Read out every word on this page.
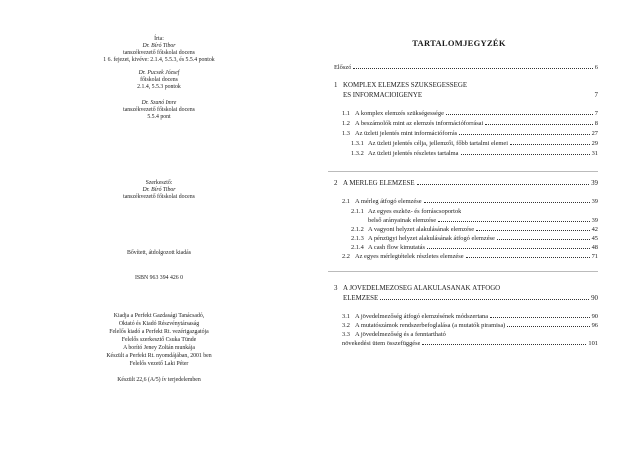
Írta:
Dr. Bíró Tibor
tanszékvezető főiskolai docens
1 6. fejezet, kivéve: 2.1.4, 5.5.3, és 5.5.4 pontok
Dr. Pucsek József
főiskolai docens
2.1.4, 5.5.3 pontok
Dr. Szanó Imre
tanszékvezető főiskolai docens
5.5.4 pont
Szerkesztő:
Dr. Bíró Tibor
tanszékvezető főiskolai docens
Bővített, átdolgozott kiadás
ISBN 963 394 426 0
Kiadja a Perfekt Gazdasági Tanácsadó,
Oktató és Kiadó Részvénytársaság
Felelős kiadó a Perfekt Rt. vezérigazgatója
Felelős szerkesztő Csuka Tünde
A borító Jeney Zoltán munkája
Készült a Perfekt Rt. nyomdájában, 2001 ben
Felelős vezető Laki Péter
Készült 22,6 (A/5) ív terjedelemben
TARTALOMJEGYZÉK
Előszó	6
1 KOMPLEX ELEMZÉS SZÜKSÉGESSÉGE
ÉS INFORMÁCIÓIGÉNYE	7
1.1 A komplex elemzés szükségessége	7
1.2 A beszámolók mint az elemzés információforrásai	8
1.3 Az üzleti jelentés mint információforrás	27
1.3.1 Az üzleti jelentés célja, jellemzői, főbb tartalmi elemei	29
1.3.2 Az üzleti jelentés részletes tartalma	31
2 A MÉRLEG ELEMZÉSE	39
2.1 A mérleg átfogó elemzése	39
2.1.1 Az egyes eszköz- és forráscsoportok
belső arányainak elemzése	39
2.1.2 A vagyoni helyzet alakulásának elemzése	42
2.1.3 A pénzügyi helyzet alakulásának átfogó elemzése	45
2.1.4 A cash flow kimutatás	48
2.2 Az egyes mérlegtételek részletes elemzése	71
3 A JÖVEDELMEZŐSÉG ALAKULÁSÁNAK ÁTFOGÓ
ELEMZÉSE	90
3.1 A jövedelmezőség átfogó elemzésének módszertana	90
3.2 A mutatószámok rendszerbefoglalása (a mutatók piramisa)	96
3.3 A jövedelmezőség és a fenntartható
növekedési ütem összefüggése	101
